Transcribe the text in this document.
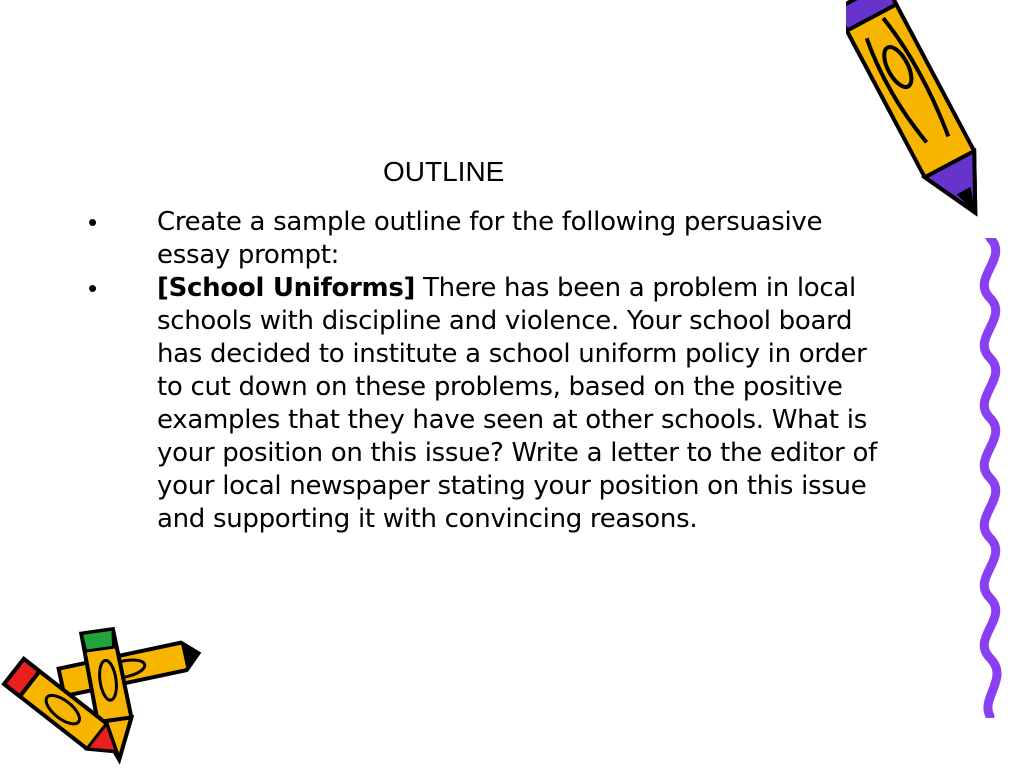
OUTLINE
• Create a sample outline for the following persuasive essay prompt:
• [School Uniforms] There has been a problem in local schools with discipline and violence. Your school board has decided to institute a school uniform policy in order to cut down on these problems, based on the positive examples that they have seen at other schools. What is your position on this issue? Write a letter to the editor of your local newspaper stating your position on this issue and supporting it with convincing reasons.
